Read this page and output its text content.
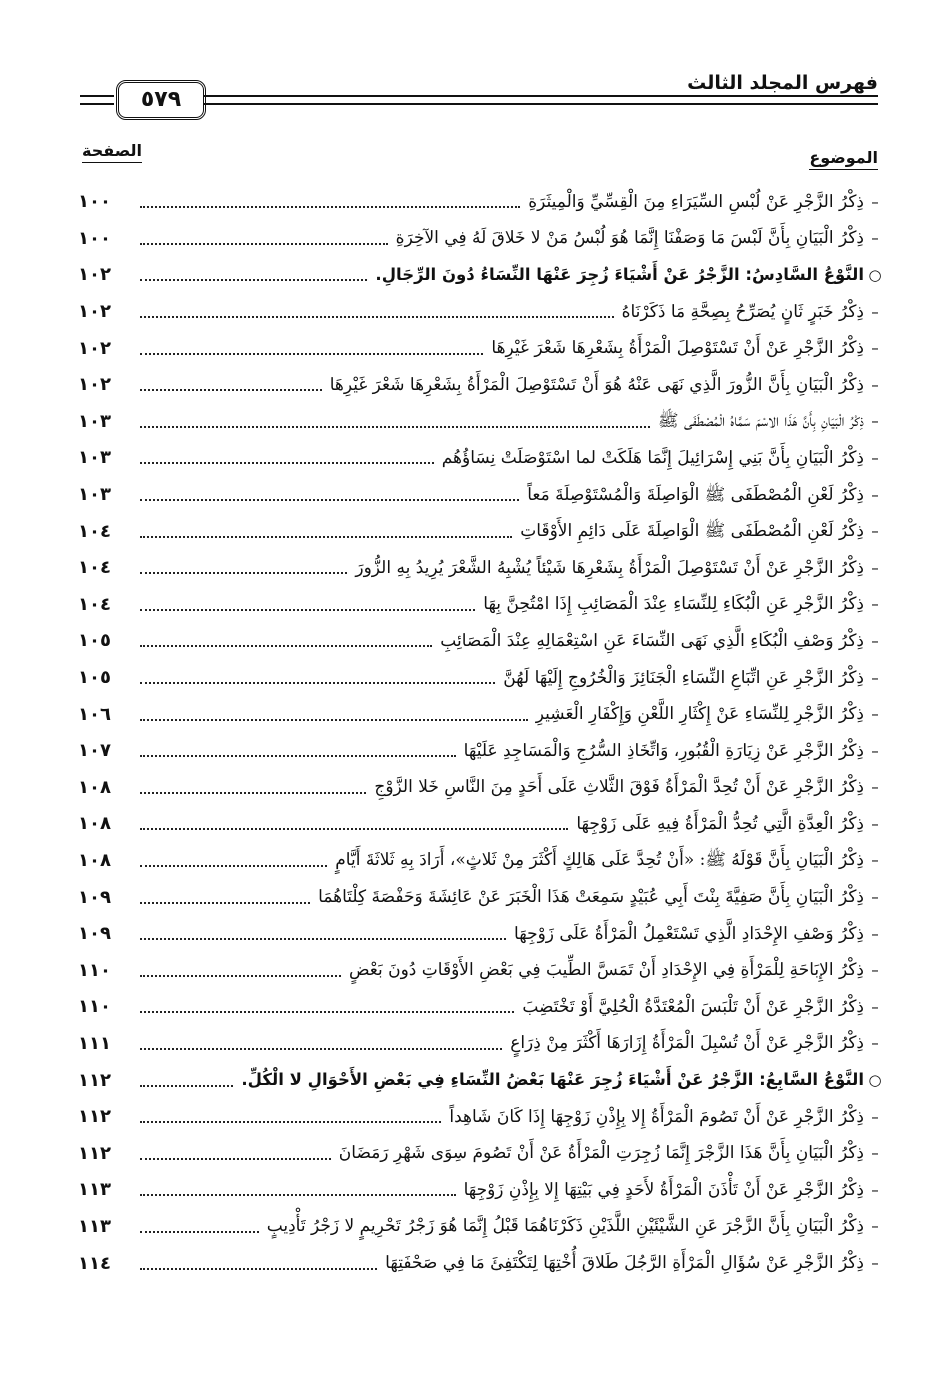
فهرس المجلد الثالث
٥٧٩
الموضوع
الصفحة
–
ذِكْرُ الزَّجْرِ عَنْ لُبْسِ السِّيَرَاءِ مِنَ الْقِسِّيِّ وَالْمِيثَرَةِ
١٠٠
–
ذِكْرُ الْبَيَانِ بِأَنَّ لَبْسَ مَا وَصَفْنَا إِنَّمَا هُوَ لُبْسُ مَنْ لا خَلاقَ لَهُ فِي الآخِرَةِ
١٠٠
○
النَّوْعُ السَّادِسُ: الزَّجْرُ عَنْ أَشْيَاءَ زُجِرَ عَنْهَا النِّسَاءُ دُونَ الرِّجَالِ.
١٠٢
–
ذِكْرُ خَبَرٍ ثَانٍ يُصَرِّحُ بِصِحَّةِ مَا ذَكَرْنَاهُ
١٠٢
–
ذِكْرُ الزَّجْرِ عَنْ أَنْ تَسْتَوْصِلَ الْمَرْأَةُ بِشَعْرِهَا شَعْرَ غَيْرِهَا
١٠٢
–
ذِكْرُ الْبَيَانِ بِأَنَّ الزُّورَ الَّذِي نَهَى عَنْهُ هُوَ أَنْ تَسْتَوْصِلَ الْمَرْأَةُ بِشَعْرِهَا شَعْرَ غَيْرِهَا
١٠٢
–
ذِكْرُ الْبَيَانِ بِأَنَّ هَذَا الاسْمَ سَمَّاهُ الْمُصْطَفَى ﷺ
١٠٣
–
ذِكْرُ الْبَيَانِ بِأَنَّ بَنِي إِسْرَائِيلَ إِنَّمَا هَلَكَتْ لما اسْتَوْصَلَتْ نِسَاؤُهُم
١٠٣
–
ذِكْرُ لَعْنِ الْمُصْطَفَى ﷺ الْوَاصِلَةَ وَالْمُسْتَوْصِلَةَ مَعاً
١٠٣
–
ذِكْرُ لَعْنِ الْمُصْطَفَى ﷺ الْوَاصِلَةَ عَلَى دَائِمِ الأَوْقَاتِ
١٠٤
–
ذِكْرُ الزَّجْرِ عَنْ أَنْ تَسْتَوْصِلَ الْمَرْأَةُ بِشَعْرِهَا شَيْئاً يُشْبِهُ الشَّعْرَ يُرِيدُ بِهِ الزُّورَ
١٠٤
–
ذِكْرُ الزَّجْرِ عَنِ الْبُكَاءِ لِلنِّسَاءِ عِنْدَ الْمَصَائِبِ إِذَا امْتُحِنَّ بِهَا
١٠٤
–
ذِكْرُ وَصْفِ الْبُكَاءِ الَّذِي نَهَى النِّسَاءَ عَنِ اسْتِعْمَالِهِ عِنْدَ الْمَصَائِبِ
١٠٥
–
ذِكْرُ الزَّجْرِ عَنِ اتِّبَاعِ النِّسَاءِ الْجَنَائِزَ وَالْخُرُوجِ إِلَيْهَا لَهُنَّ
١٠٥
–
ذِكْرُ الزَّجْرِ لِلنِّسَاءِ عَنْ إِكْثَارِ اللَّعْنِ وَإِكْفَارِ الْعَشِيرِ
١٠٦
–
ذِكْرُ الزَّجْرِ عَنْ زِيَارَةِ الْقُبُورِ، وَاتِّخَاذِ السُّرُجِ وَالْمَسَاجِدِ عَلَيْهَا
١٠٧
–
ذِكْرُ الزَّجْرِ عَنْ أَنْ تُحِدَّ الْمَرْأَةُ فَوْقَ الثَّلاثِ عَلَى أَحَدٍ مِنَ النَّاسِ خَلا الزَّوْجِ
١٠٨
–
ذِكْرُ الْعِدَّةِ الَّتِي تُحِدُّ الْمَرْأَةُ فِيهِ عَلَى زَوْجِهَا
١٠٨
–
ذِكْرُ الْبَيَانِ بِأَنَّ قَوْلَهُ ﷺ: «أَنْ تُحِدَّ عَلَى هَالِكٍ أَكْثَرَ مِنْ ثَلاثٍ»، أَرَادَ بِهِ ثَلاثَةَ أَيَّامٍ
١٠٨
–
ذِكْرُ الْبَيَانِ بِأَنَّ صَفِيَّةَ بِنْتَ أَبِي عُبَيْدٍ سَمِعَتْ هَذَا الْخَبَرَ عَنْ عَائِشَةَ وَحَفْصَةَ كِلْتَاهُمَا
١٠٩
–
ذِكْرُ وَصْفِ الإِحْدَادِ الَّذِي تَسْتَعْمِلُ الْمَرْأَةُ عَلَى زَوْجِهَا
١٠٩
–
ذِكْرُ الإِبَاحَةِ لِلْمَرْأَةِ فِي الإِحْدَادِ أَنْ تَمَسَّ الطِّيبَ فِي بَعْضِ الأَوْقَاتِ دُونَ بَعْضٍ
١١٠
–
ذِكْرُ الزَّجْرِ عَنْ أَنْ تَلْبَسَ الْمُعْتَدَّةُ الْحُلِيَّ أَوْ تَخْتَضِبَ
١١٠
–
ذِكْرُ الزَّجْرِ عَنْ أَنْ تُسْبِلَ الْمَرْأَةُ إِزَارَهَا أَكْثَرَ مِنْ ذِرَاعٍ
١١١
○
النَّوْعُ السَّابِعُ: الزَّجْرُ عَنْ أَشْيَاءَ زُجِرَ عَنْهَا بَعْضُ النِّسَاءِ فِي بَعْضِ الأَحْوَالِ لا الْكُلِّ.
١١٢
–
ذِكْرُ الزَّجْرِ عَنْ أَنْ تَصُومَ الْمَرْأَةُ إِلا بِإِذْنِ زَوْجِهَا إِذَا كَانَ شَاهِداً
١١٢
–
ذِكْرُ الْبَيَانِ بِأَنَّ هَذَا الزَّجْرَ إِنَّمَا زُجِرَتِ الْمَرْأَةُ عَنْ أَنْ تَصُومَ سِوَى شَهْرِ رَمَضَانَ
١١٢
–
ذِكْرُ الزَّجْرِ عَنْ أَنْ تَأْذَنَ الْمَرْأَةُ لأَحَدٍ فِي بَيْتِهَا إِلا بِإِذْنِ زَوْجِهَا
١١٣
–
ذِكْرُ الْبَيَانِ بِأَنَّ الزَّجْرَ عَنِ الشَّيْئَيْنِ اللَّذَيْنِ ذَكَرْنَاهُمَا قَبْلُ إِنَّمَا هُوَ زَجْرُ تَحْرِيمٍ لا زَجْرُ تَأْدِيبٍ
١١٣
–
ذِكْرُ الزَّجْرِ عَنْ سُؤَالِ الْمَرْأَةِ الرَّجُلَ طَلاقَ أُخْتِهَا لِتَكْتَفِئَ مَا فِي صَحْفَتِهَا
١١٤
